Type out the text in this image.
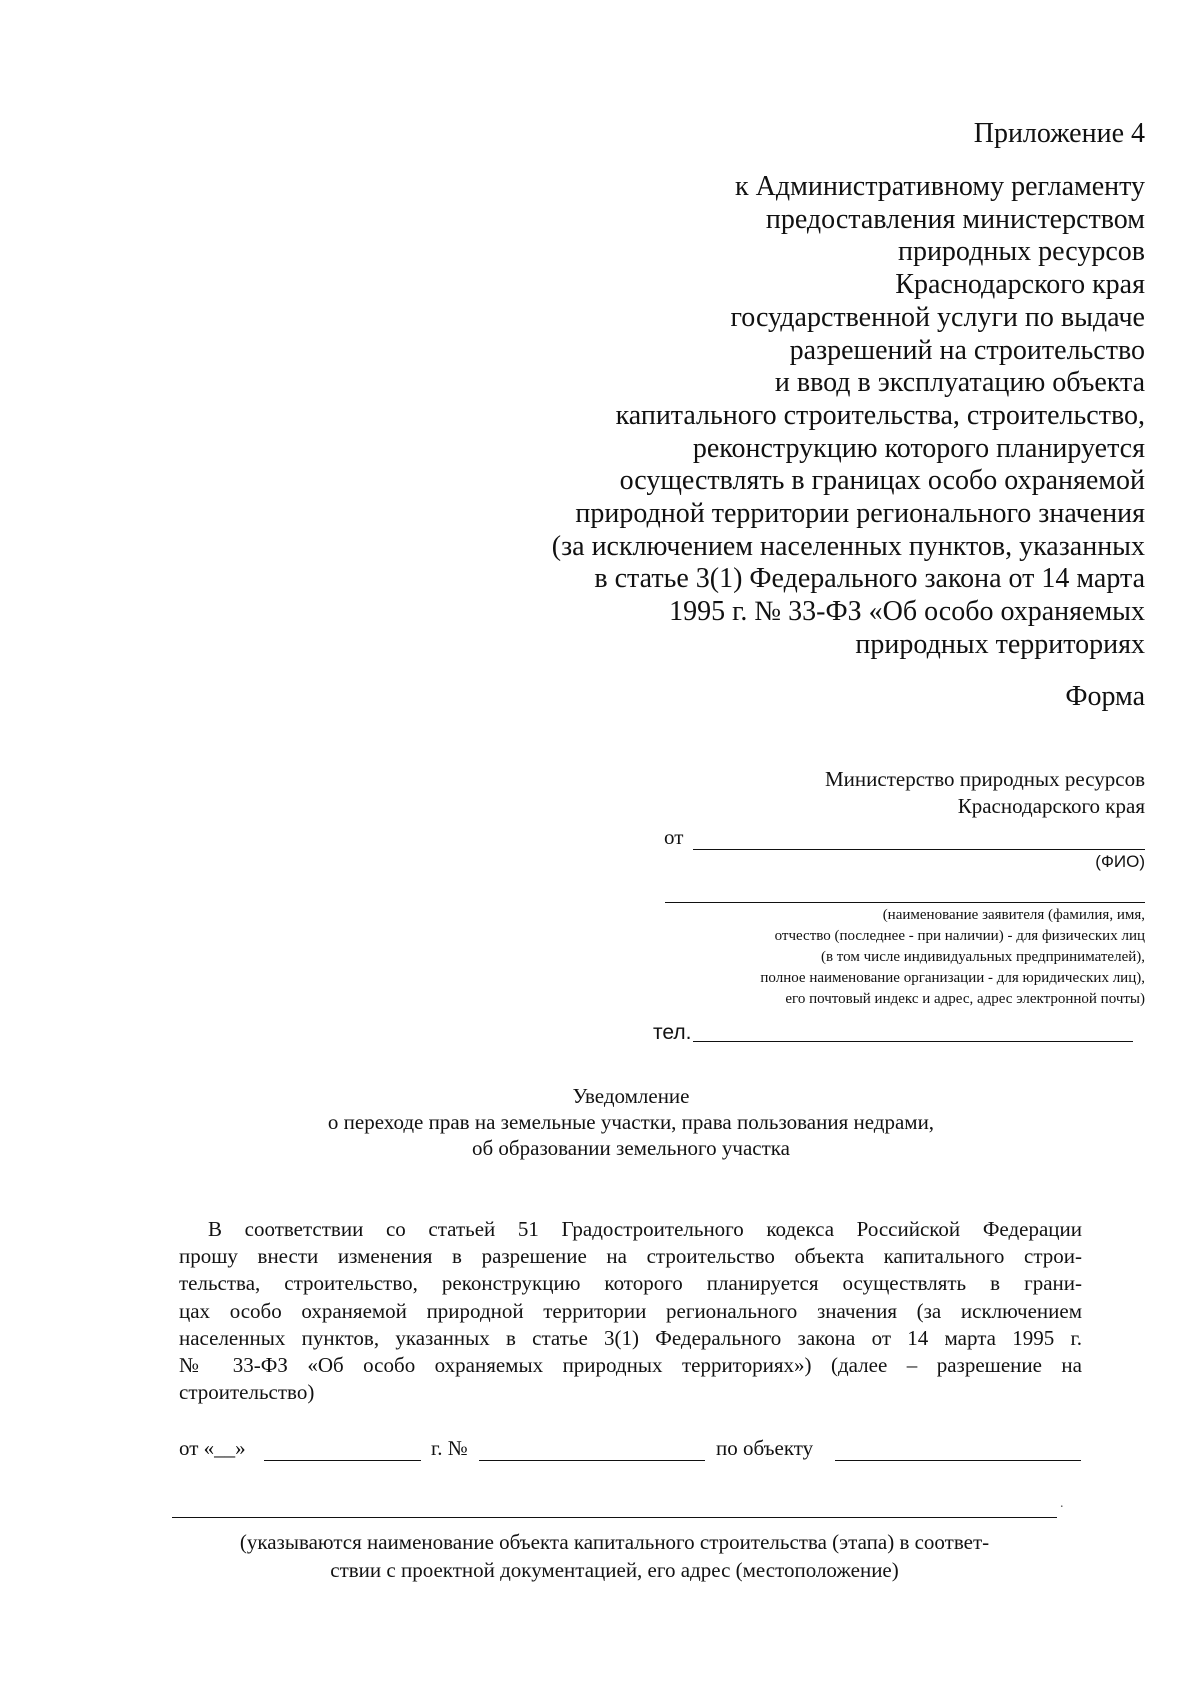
Приложение 4
к Административному регламенту
предоставления министерством
природных ресурсов
Краснодарского края
государственной услуги по выдаче
разрешений на строительство
и ввод в эксплуатацию объекта
капитального строительства, строительство,
реконструкцию которого планируется
осуществлять в границах особо охраняемой
природной территории регионального значения
(за исключением населенных пунктов, указанных
в статье 3(1) Федерального закона от 14 марта
1995 г. № 33-ФЗ «Об особо охраняемых
природных территориях
Форма
Министерство природных ресурсов
Краснодарского края
от
(ФИО)
(наименование заявителя (фамилия, имя,
отчество (последнее - при наличии) - для физических лиц
(в том числе индивидуальных предпринимателей),
полное наименование организации - для юридических лиц),
его почтовый индекс и адрес, адрес электронной почты)
тел.
Уведомление
о переходе прав на земельные участки, права пользования недрами,
об образовании земельного участка
В соответствии со статьей 51 Градостроительного кодекса Российской Федерации
прошу внести изменения в разрешение на строительство объекта капитального строи-
тельства, строительство, реконструкцию которого планируется осуществлять в грани-
цах особо охраняемой природной территории регионального значения (за исключением
населенных пунктов, указанных в статье 3(1) Федерального закона от 14 марта 1995 г.
№ 33-ФЗ «Об особо охраняемых природных территориях») (далее – разрешение на
строительство)
от «__»	г. №	по объекту
.
(указываются наименование объекта капитального строительства (этапа) в соответ-
ствии с проектной документацией, его адрес (местоположение)
